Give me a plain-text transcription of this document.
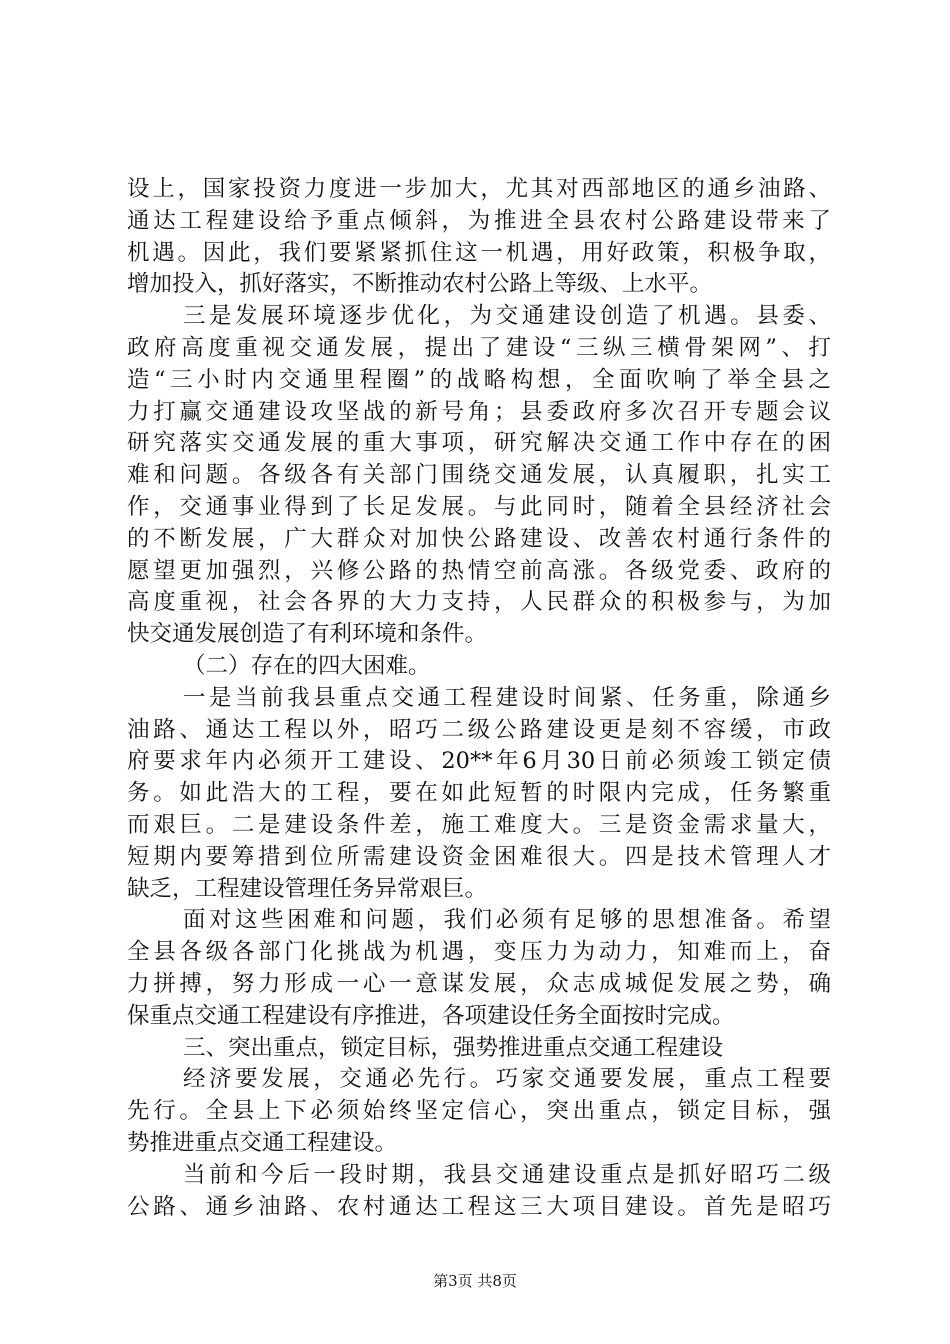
设上，国家投资力度进一步加大，尤其对西部地区的通乡油路、
通达工程建设给予重点倾斜，为推进全县农村公路建设带来了
机遇。因此，我们要紧紧抓住这一机遇，用好政策，积极争取，
增加投入，抓好落实，不断推动农村公路上等级、上水平。
三是发展环境逐步优化，为交通建设创造了机遇。县委、
政府高度重视交通发展，提出了建设“三纵三横骨架网”、打
造“三小时内交通里程圈”的战略构想，全面吹响了举全县之
力打赢交通建设攻坚战的新号角；县委政府多次召开专题会议
研究落实交通发展的重大事项，研究解决交通工作中存在的困
难和问题。各级各有关部门围绕交通发展，认真履职，扎实工
作，交通事业得到了长足发展。与此同时，随着全县经济社会
的不断发展，广大群众对加快公路建设、改善农村通行条件的
愿望更加强烈，兴修公路的热情空前高涨。各级党委、政府的
高度重视，社会各界的大力支持，人民群众的积极参与，为加
快交通发展创造了有利环境和条件。
（二）存在的四大困难。
一是当前我县重点交通工程建设时间紧、任务重，除通乡
油路、通达工程以外，昭巧二级公路建设更是刻不容缓，市政
府要求年内必须开工建设、20**年6月30日前必须竣工锁定债
务。如此浩大的工程，要在如此短暂的时限内完成，任务繁重
而艰巨。二是建设条件差，施工难度大。三是资金需求量大，
短期内要筹措到位所需建设资金困难很大。四是技术管理人才
缺乏，工程建设管理任务异常艰巨。
面对这些困难和问题，我们必须有足够的思想准备。希望
全县各级各部门化挑战为机遇，变压力为动力，知难而上，奋
力拼搏，努力形成一心一意谋发展，众志成城促发展之势，确
保重点交通工程建设有序推进，各项建设任务全面按时完成。
三、突出重点，锁定目标，强势推进重点交通工程建设
经济要发展，交通必先行。巧家交通要发展，重点工程要
先行。全县上下必须始终坚定信心，突出重点，锁定目标，强
势推进重点交通工程建设。
当前和今后一段时期，我县交通建设重点是抓好昭巧二级
公路、通乡油路、农村通达工程这三大项目建设。首先是昭巧
第3页 共8页
